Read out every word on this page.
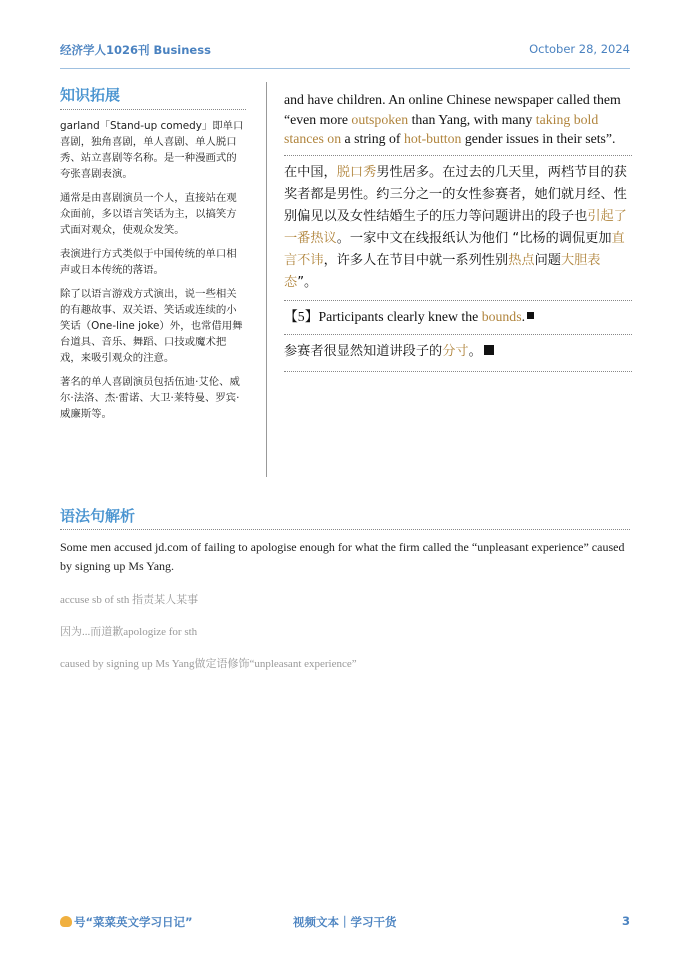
经济学人1026刊 Business	October 28, 2024
知识拓展
garland「Stand-up comedy」即单口喜剧，独角喜剧，单人喜剧、单人脱口秀、站立喜剧等名称。是一种漫画式的夸张喜剧表演。
通常是由喜剧演员一个人，直接站在观众面前，多以语言笑话为主，以搞笑方式面对观众，使观众发笑。
表演进行方式类似于中国传统的单口相声或日本传统的落语。
除了以语言游戏方式演出，说一些相关的有趣故事、双关语、笑话或连续的小笑话（One-line joke）外，也常借用舞台道具、音乐、舞蹈、口技或魔术把戏，来吸引观众的注意。
著名的单人喜剧演员包括伍迪·艾伦、威尔·法洛、杰·雷诺、大卫·莱特曼、罗宾·威廉斯等。
and have children. An online Chinese newspaper called them “even more outspoken than Yang, with many taking bold stances on a string of hot-button gender issues in their sets”.
在中国，脱口秀男性居多。在过去的几天里，两档节目的获奖者都是男性。约三分之一的女性参赛者，她们就月经、性别偏见以及女性结婚生子的压力等问题讲出的段子也引起了一番热议。一家中文在线报纸认为他们 “比杨的调侃更加直言不讳，许多人在节目中就一系列性别热点问题大胆表态”。
【5】Participants clearly knew the bounds.
参赛者很显然知道讲段子的分寸。
语法句解析
Some men accused jd.com of failing to apologise enough for what the firm called the “unpleasant experience” caused by signing up Ms Yang.
accuse sb of sth 指责某人某事
因为...而道歉apologize for sth
caused by signing up Ms Yang做定语修饰“unpleasant experience”
号“菜菜英文学习日记”	视频文本｜学习干货	3
